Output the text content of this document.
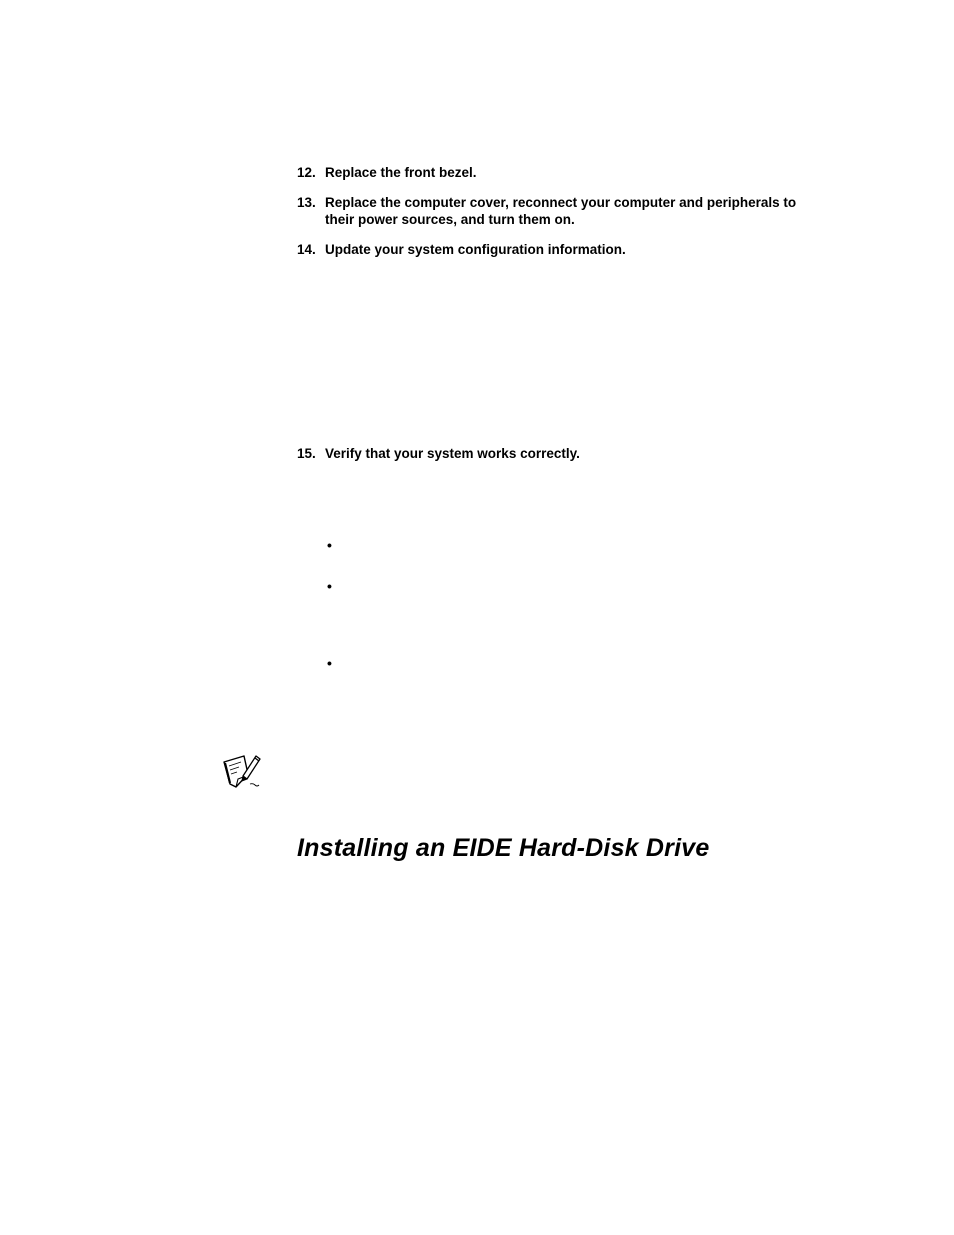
12. Replace the front bezel.
13. Replace the computer cover, reconnect your computer and peripherals to their power sources, and turn them on.
14. Update your system configuration information.
15. Verify that your system works correctly.
•
•
•
Installing an EIDE Hard-Disk Drive
